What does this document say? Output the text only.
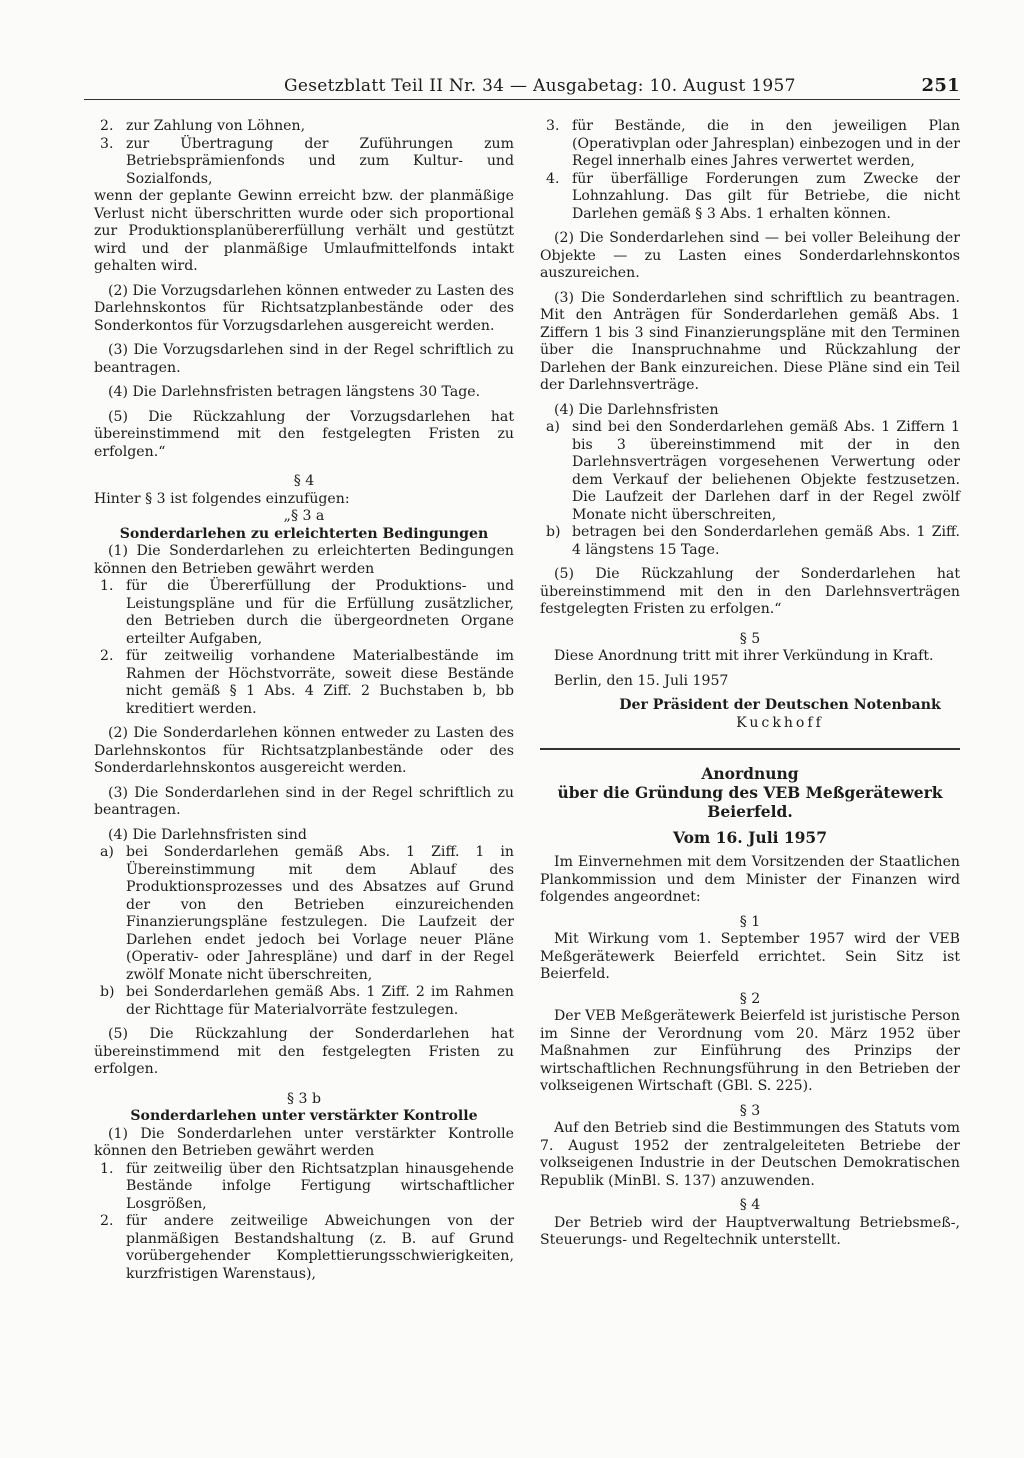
Gesetzblatt Teil II Nr. 34 — Ausgabetag: 10. August 1957	251
2. zur Zahlung von Löhnen,
3. zur Übertragung der Zuführungen zum Betriebsprämienfonds und zum Kultur- und Sozialfonds,

wenn der geplante Gewinn erreicht bzw. der planmäßige Verlust nicht überschritten wurde oder sich proportional zur Produktionsplanübererfüllung verhält und gestützt wird und der planmäßige Umlaufmittelfonds intakt gehalten wird.

(2) Die Vorzugsdarlehen können entweder zu Lasten des Darlehnskontos für Richtsatzplanbestände oder des Sonderkontos für Vorzugsdarlehen ausgereicht werden.

(3) Die Vorzugsdarlehen sind in der Regel schriftlich zu beantragen.

(4) Die Darlehnsfristen betragen längstens 30 Tage.

(5) Die Rückzahlung der Vorzugsdarlehen hat übereinstimmend mit den festgelegten Fristen zu erfolgen.“

§ 4

Hinter § 3 ist folgendes einzufügen:

„§ 3 a

Sonderdarlehen zu erleichterten Bedingungen

(1) Die Sonderdarlehen zu erleichterten Bedingungen können den Betrieben gewährt werden

1. für die Übererfüllung der Produktions- und Leistungspläne und für die Erfüllung zusätzlicher, den Betrieben durch die übergeordneten Organe erteilter Aufgaben,
2. für zeitweilig vorhandene Materialbestände im Rahmen der Höchstvorräte, soweit diese Bestände nicht gemäß § 1 Abs. 4 Ziff. 2 Buchstaben b, bb kreditiert werden.

(2) Die Sonderdarlehen können entweder zu Lasten des Darlehnskontos für Richtsatzplanbestände oder des Sonderdarlehnskontos ausgereicht werden.

(3) Die Sonderdarlehen sind in der Regel schriftlich zu beantragen.

(4) Die Darlehnsfristen sind

a) bei Sonderdarlehen gemäß Abs. 1 Ziff. 1 in Übereinstimmung mit dem Ablauf des Produktionsprozesses und des Absatzes auf Grund der von den Betrieben einzureichenden Finanzierungspläne festzulegen. Die Laufzeit der Darlehen endet jedoch bei Vorlage neuer Pläne (Operativ- oder Jahrespläne) und darf in der Regel zwölf Monate nicht überschreiten,
b) bei Sonderdarlehen gemäß Abs. 1 Ziff. 2 im Rahmen der Richttage für Materialvorräte festzulegen.

(5) Die Rückzahlung der Sonderdarlehen hat übereinstimmend mit den festgelegten Fristen zu erfolgen.

§ 3 b

Sonderdarlehen unter verstärkter Kontrolle

(1) Die Sonderdarlehen unter verstärkter Kontrolle können den Betrieben gewährt werden

1. für zeitweilig über den Richtsatzplan hinausgehende Bestände infolge Fertigung wirtschaftlicher Losgrößen,
2. für andere zeitweilige Abweichungen von der planmäßigen Bestandshaltung (z. B. auf Grund vorübergehender Komplettierungsschwierigkeiten, kurzfristigen Warenstaus),
3. für Bestände, die in den jeweiligen Plan (Operativplan oder Jahresplan) einbezogen und in der Regel innerhalb eines Jahres verwertet werden,
4. für überfällige Forderungen zum Zwecke der Lohnzahlung. Das gilt für Betriebe, die nicht Darlehen gemäß § 3 Abs. 1 erhalten können.

(2) Die Sonderdarlehen sind — bei voller Beleihung der Objekte — zu Lasten eines Sonderdarlehnskontos auszureichen.

(3) Die Sonderdarlehen sind schriftlich zu beantragen. Mit den Anträgen für Sonderdarlehen gemäß Abs. 1 Ziffern 1 bis 3 sind Finanzierungspläne mit den Terminen über die Inanspruchnahme und Rückzahlung der Darlehen der Bank einzureichen. Diese Pläne sind ein Teil der Darlehnsverträge.

(4) Die Darlehnsfristen

a) sind bei den Sonderdarlehen gemäß Abs. 1 Ziffern 1 bis 3 übereinstimmend mit der in den Darlehnsverträgen vorgesehenen Verwertung oder dem Verkauf der beliehenen Objekte festzusetzen. Die Laufzeit der Darlehen darf in der Regel zwölf Monate nicht überschreiten,
b) betragen bei den Sonderdarlehen gemäß Abs. 1 Ziff. 4 längstens 15 Tage.

(5) Die Rückzahlung der Sonderdarlehen hat übereinstimmend mit den in den Darlehnsverträgen festgelegten Fristen zu erfolgen.“

§ 5

Diese Anordnung tritt mit ihrer Verkündung in Kraft.

Berlin, den 15. Juli 1957

Der Präsident der Deutschen Notenbank

Kuckhoff

Anordnung

über die Gründung des VEB Meßgerätewerk Beierfeld.

Vom 16. Juli 1957

Im Einvernehmen mit dem Vorsitzenden der Staatlichen Plankommission und dem Minister der Finanzen wird folgendes angeordnet:

§ 1

Mit Wirkung vom 1. September 1957 wird der VEB Meßgerätewerk Beierfeld errichtet. Sein Sitz ist Beierfeld.

§ 2

Der VEB Meßgerätewerk Beierfeld ist juristische Person im Sinne der Verordnung vom 20. März 1952 über Maßnahmen zur Einführung des Prinzips der wirtschaftlichen Rechnungsführung in den Betrieben der volkseigenen Wirtschaft (GBl. S. 225).

§ 3

Auf den Betrieb sind die Bestimmungen des Statuts vom 7. August 1952 der zentralgeleiteten Betriebe der volkseigenen Industrie in der Deutschen Demokratischen Republik (MinBl. S. 137) anzuwenden.

§ 4

Der Betrieb wird der Hauptverwaltung Betriebsmeß-, Steuerungs- und Regeltechnik unterstellt.
